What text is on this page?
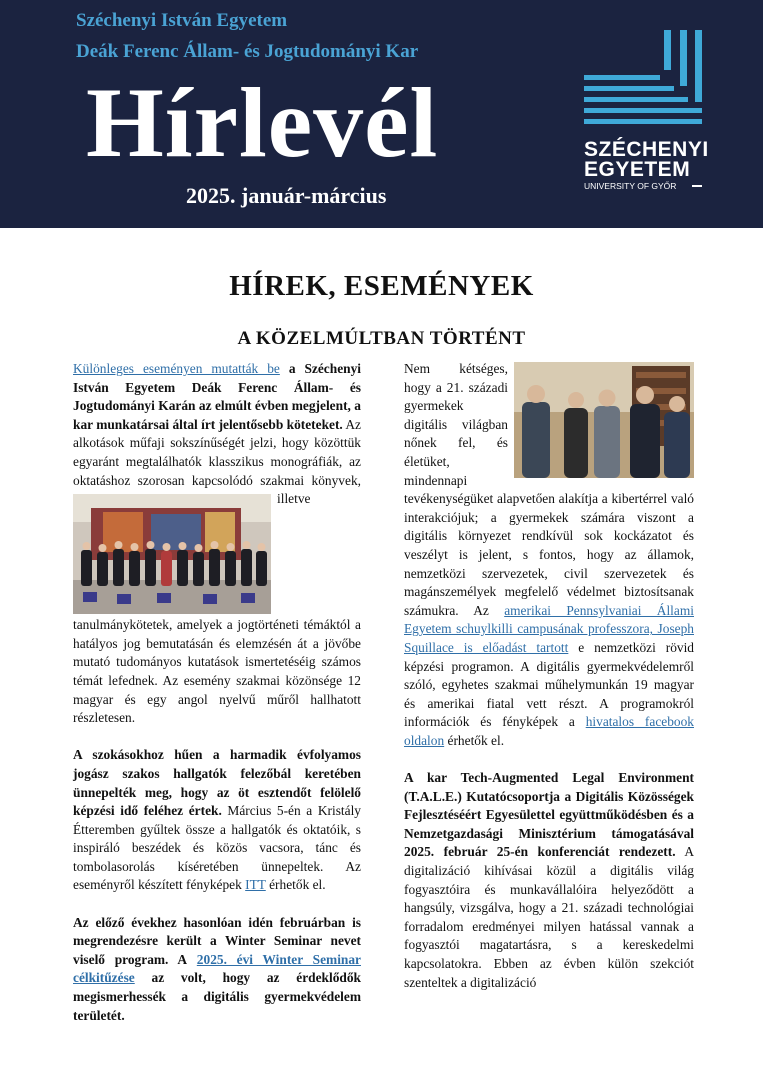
Széchenyi István Egyetem
Deák Ferenc Állam- és Jogtudományi Kar
Hírlevél
2025. január-március
SZÉCHENYI
EGYETEM
UNIVERSITY OF GYŐR
HÍREK, ESEMÉNYEK
A KÖZELMÚLTBAN TÖRTÉNT

Különleges eseményen mutatták be a Széchenyi István Egyetem Deák Ferenc Állam- és Jogtudományi Karán az elmúlt évben megjelent, a kar munkatársai által írt jelentősebb köteteket. Az alkotások műfaji sokszínűségét jelzi, hogy közöttük egyaránt megtalálhatók klasszikus monográfiák, az oktatáshoz szorosan kapcsolódó szakmai könyvek, illetve
tanulmánykötetek, amelyek a jogtörténeti témáktól a hatályos jog bemutatásán és elemzésén át a jövőbe mutató tudományos kutatások ismertetéséig számos témát lefednek. Az esemény szakmai közönsége 12 magyar és egy angol nyelvű műről hallhatott részletesen.

A szokásokhoz hűen a harmadik évfolyamos jogász szakos hallgatók felezőbál keretében ünnepelték meg, hogy az öt esztendőt felölelő képzési idő feléhez értek. Március 5-én a Kristály Étteremben gyűltek össze a hallgatók és oktatóik, s inspiráló beszédek és közös vacsora, tánc és tombolasorolás kíséretében ünnepeltek. Az eseményről készített fényképek ITT érhetők el.

Az előző évekhez hasonlóan idén februárban is megrendezésre került a Winter Seminar nevet viselő program. A 2025. évi Winter Seminar célkitűzése az volt, hogy az érdeklődők megismerhessék a digitális gyermekvédelem területét.

Nem kétséges, hogy a 21. századi gyermekek digitális világban nőnek fel, és életüket, mindennapi tevékenységüket alapvetően alakítja a kibertérrel való interakciójuk; a gyermekek számára viszont a digitális környezet rendkívül sok kockázatot és veszélyt is jelent, s fontos, hogy az államok, nemzetközi szervezetek, civil szervezetek és magánszemélyek megfelelő védelmet biztosítsanak számukra. Az amerikai Pennsylvaniai Állami Egyetem schuylkilli campusának professzora, Joseph Squillace is előadást tartott e nemzetközi rövid képzési programon. A digitális gyermekvédelemről szóló, egyhetes szakmai műhelymunkán 19 magyar és amerikai fiatal vett részt. A programokról információk és fényképek a hivatalos facebook oldalon érhetők el.

A kar Tech-Augmented Legal Environment (T.A.L.E.) Kutatócsoportja a Digitális Közösségek Fejlesztéséért Egyesülettel együttműködésben és a Nemzetgazdasági Minisztérium támogatásával 2025. február 25-én konferenciát rendezett. A digitalizáció kihívásai közül a digitális világ fogyasztóira és munkavállalóira helyeződött a hangsúly, vizsgálva, hogy a 21. századi technológiai forradalom eredményei milyen hatással vannak a fogyasztói magatartásra, s a kereskedelmi kapcsolatokra. Ebben az évben külön szekciót szenteltek a digitalizáció
